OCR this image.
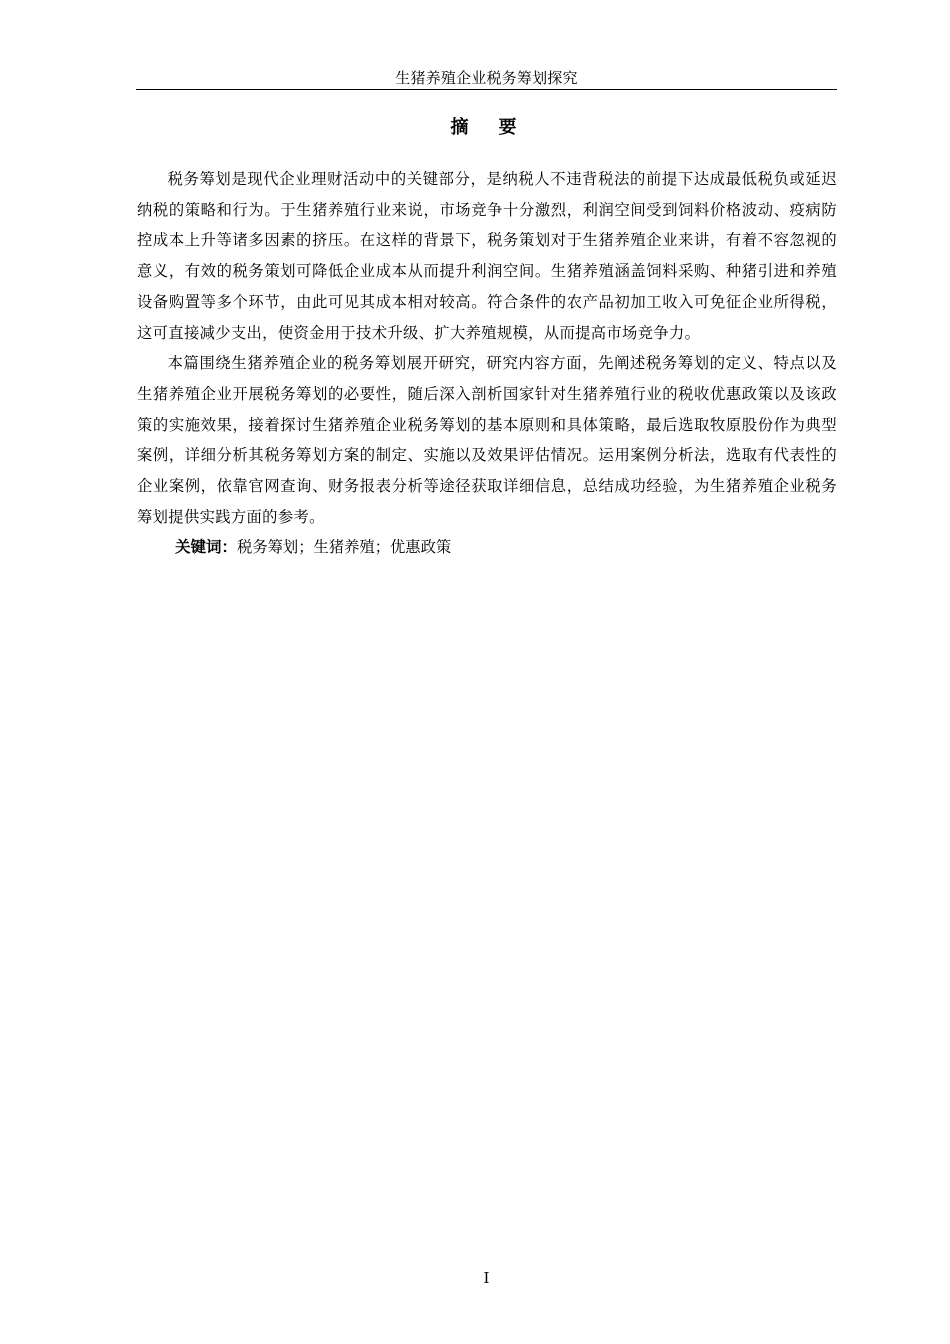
生猪养殖企业税务筹划探究
摘　要

税务筹划是现代企业理财活动中的关键部分，是纳税人不违背税法的前提下达成最低税负或延迟纳税的策略和行为。于生猪养殖行业来说，市场竞争十分激烈，利润空间受到饲料价格波动、疫病防控成本上升等诸多因素的挤压。在这样的背景下，税务策划对于生猪养殖企业来讲，有着不容忽视的意义，有效的税务策划可降低企业成本从而提升利润空间。生猪养殖涵盖饲料采购、种猪引进和养殖设备购置等多个环节，由此可见其成本相对较高。符合条件的农产品初加工收入可免征企业所得税，这可直接减少支出，使资金用于技术升级、扩大养殖规模，从而提高市场竞争力。

本篇围绕生猪养殖企业的税务筹划展开研究，研究内容方面，先阐述税务筹划的定义、特点以及生猪养殖企业开展税务筹划的必要性，随后深入剖析国家针对生猪养殖行业的税收优惠政策以及该政策的实施效果，接着探讨生猪养殖企业税务筹划的基本原则和具体策略，最后选取牧原股份作为典型案例，详细分析其税务筹划方案的制定、实施以及效果评估情况。运用案例分析法，选取有代表性的企业案例，依靠官网查询、财务报表分析等途径获取详细信息，总结成功经验，为生猪养殖企业税务筹划提供实践方面的参考。

关键词：税务筹划；生猪养殖；优惠政策

I
